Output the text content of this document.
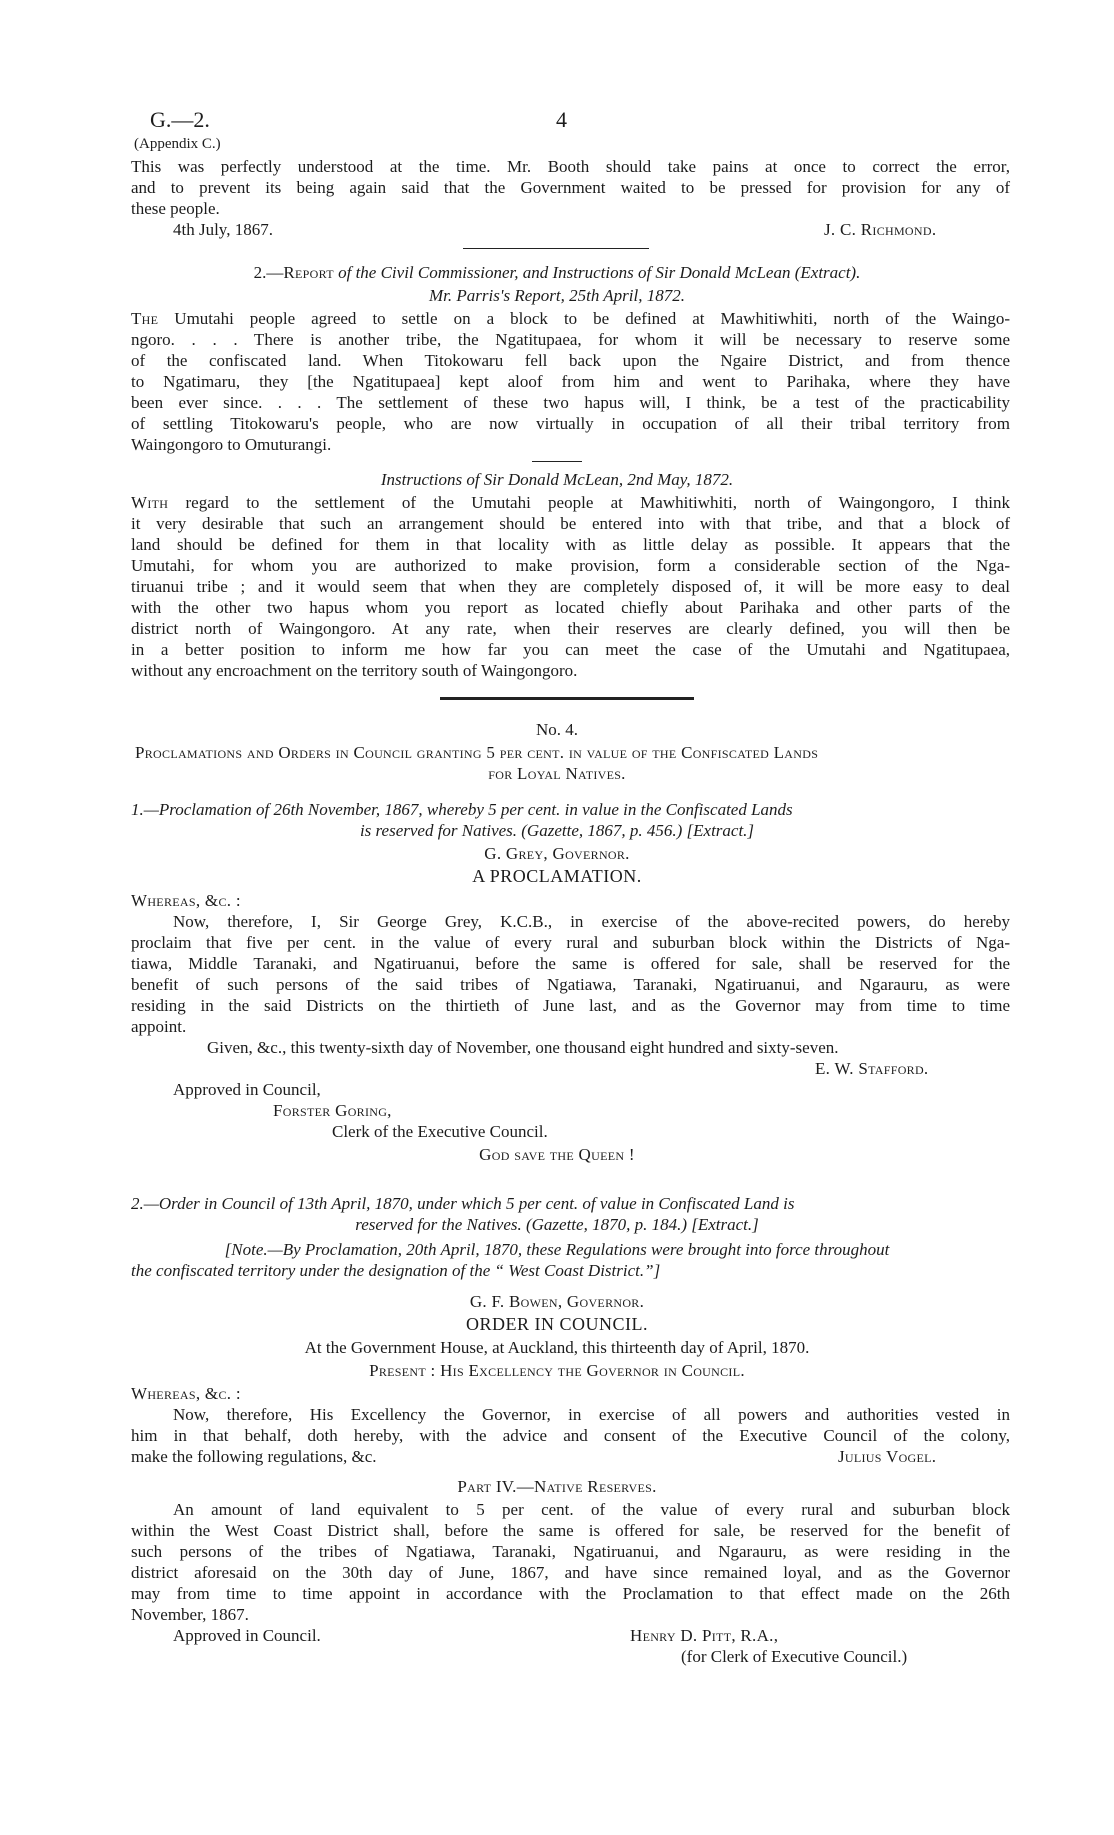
G.—2.	4
(Appendix C.)
This was perfectly understood at the time. Mr. Booth should take pains at once to correct the error,
and to prevent its being again said that the Government waited to be pressed for provision for any of
these people.
4th July, 1867.	J. C. Richmond.
2.—Report of the Civil Commissioner, and Instructions of Sir Donald McLean (Extract).
Mr. Parris's Report, 25th April, 1872.
The Umutahi people agreed to settle on a block to be defined at Mawhitiwhiti, north of the Waingo-
ngoro. . . . There is another tribe, the Ngatitupaea, for whom it will be necessary to reserve some
of the confiscated land. When Titokowaru fell back upon the Ngaire District, and from thence
to Ngatimaru, they [the Ngatitupaea] kept aloof from him and went to Parihaka, where they have
been ever since. . . . The settlement of these two hapus will, I think, be a test of the practicability
of settling Titokowaru's people, who are now virtually in occupation of all their tribal territory from
Waingongoro to Omuturangi.
Instructions of Sir Donald McLean, 2nd May, 1872.
With regard to the settlement of the Umutahi people at Mawhitiwhiti, north of Waingongoro, I think
it very desirable that such an arrangement should be entered into with that tribe, and that a block of
land should be defined for them in that locality with as little delay as possible. It appears that the
Umutahi, for whom you are authorized to make provision, form a considerable section of the Nga-
tiruanui tribe ; and it would seem that when they are completely disposed of, it will be more easy to deal
with the other two hapus whom you report as located chiefly about Parihaka and other parts of the
district north of Waingongoro. At any rate, when their reserves are clearly defined, you will then be
in a better position to inform me how far you can meet the case of the Umutahi and Ngatitupaea,
without any encroachment on the territory south of Waingongoro.
No. 4.
Proclamations and Orders in Council granting 5 per cent. in value of the Confiscated Lands
for Loyal Natives.
1.—Proclamation of 26th November, 1867, whereby 5 per cent. in value in the Confiscated Lands
is reserved for Natives. (Gazette, 1867, p. 456.) [Extract.]
G. Grey, Governor.
A PROCLAMATION.
Whereas, &c. :
Now, therefore, I, Sir George Grey, K.C.B., in exercise of the above-recited powers, do hereby
proclaim that five per cent. in the value of every rural and suburban block within the Districts of Nga-
tiawa, Middle Taranaki, and Ngatiruanui, before the same is offered for sale, shall be reserved for the
benefit of such persons of the said tribes of Ngatiawa, Taranaki, Ngatiruanui, and Ngarauru, as were
residing in the said Districts on the thirtieth of June last, and as the Governor may from time to time
appoint.
Given, &c., this twenty-sixth day of November, one thousand eight hundred and sixty-seven.
E. W. Stafford.
Approved in Council,
Forster Goring,
Clerk of the Executive Council.
God save the Queen !
2.—Order in Council of 13th April, 1870, under which 5 per cent. of value in Confiscated Land is
reserved for the Natives. (Gazette, 1870, p. 184.) [Extract.]
[Note.—By Proclamation, 20th April, 1870, these Regulations were brought into force throughout
the confiscated territory under the designation of the “ West Coast District.”]
G. F. Bowen, Governor.
ORDER IN COUNCIL.
At the Government House, at Auckland, this thirteenth day of April, 1870.
Present : His Excellency the Governor in Council.
Whereas, &c. :
Now, therefore, His Excellency the Governor, in exercise of all powers and authorities vested in
him in that behalf, doth hereby, with the advice and consent of the Executive Council of the colony,
make the following regulations, &c.	Julius Vogel.
Part IV.—Native Reserves.
An amount of land equivalent to 5 per cent. of the value of every rural and suburban block
within the West Coast District shall, before the same is offered for sale, be reserved for the benefit of
such persons of the tribes of Ngatiawa, Taranaki, Ngatiruanui, and Ngarauru, as were residing in the
district aforesaid on the 30th day of June, 1867, and have since remained loyal, and as the Governor
may from time to time appoint in accordance with the Proclamation to that effect made on the 26th
November, 1867.
Approved in Council.	Henry D. Pitt, R.A.,
(for Clerk of Executive Council.)
